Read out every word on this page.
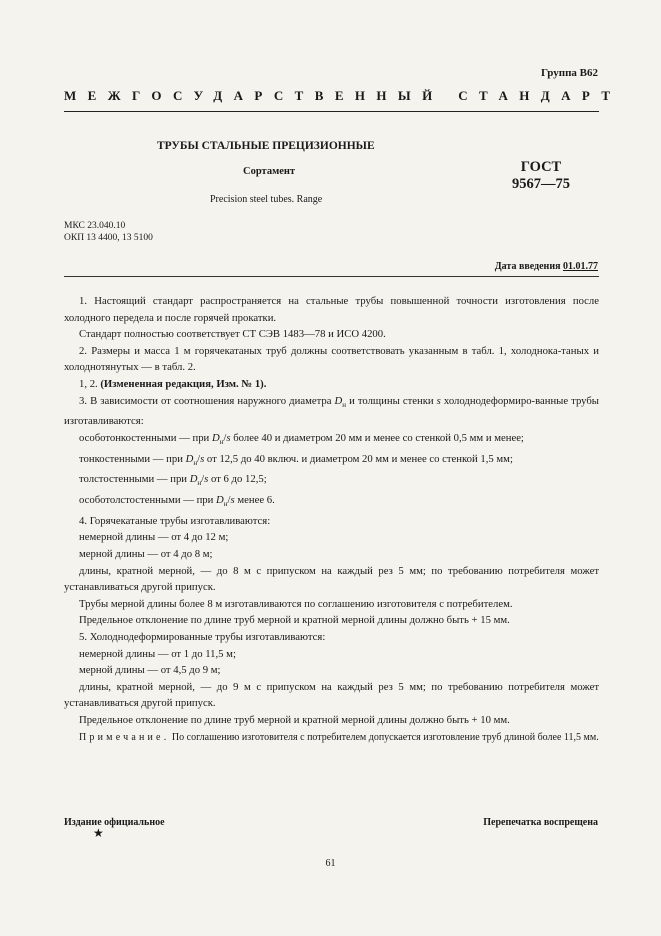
Группа В62
МЕЖГОСУДАРСТВЕННЫЙ СТАНДАРТ
ТРУБЫ СТАЛЬНЫЕ ПРЕЦИЗИОННЫЕ
Сортамент
Precision steel tubes. Range
ГОСТ
9567—75
МКС 23.040.10
ОКП 13 4400, 13 5100
Дата введения 01.01.77

1. Настоящий стандарт распространяется на стальные трубы повышенной точности изготовления после холодного передела и после горячей прокатки.

Стандарт полностью соответствует СТ СЭВ 1483—78 и ИСО 4200.

2. Размеры и масса 1 м горячекатаных труб должны соответствовать указанным в табл. 1, холоднока-таных и холоднотянутых — в табл. 2.

1, 2. (Измененная редакция, Изм. № 1).

3. В зависимости от соотношения наружного диаметра $D_н$ и толщины стенки s холоднодеформиро-ванные трубы изготавливаются:

особотонкостенными — при $D_н/s$ более 40 и диаметром 20 мм и менее со стенкой 0,5 мм и менее;

тонкостенными — при $D_н/s$ от 12,5 до 40 включ. и диаметром 20 мм и менее со стенкой 1,5 мм;

толстостенными — при $D_н/s$ от 6 до 12,5;

особотолстостенными — при $D_н/s$ менее 6.

4. Горячекатаные трубы изготавливаются:

немерной длины — от 4 до 12 м;

мерной длины — от 4 до 8 м;

длины, кратной мерной, — до 8 м с припуском на каждый рез 5 мм; по требованию потребителя может устанавливаться другой припуск.

Трубы мерной длины более 8 м изготавливаются по соглашению изготовителя с потребителем.

Предельное отклонение по длине труб мерной и кратной мерной длины должно быть + 15 мм.

5. Холоднодеформированные трубы изготавливаются:

немерной длины — от 1 до 11,5 м;

мерной длины — от 4,5 до 9 м;

длины, кратной мерной, — до 9 м с припуском на каждый рез 5 мм; по требованию потребителя может устанавливаться другой припуск.

Предельное отклонение по длине труб мерной и кратной мерной длины должно быть + 10 мм.

Примечание. По соглашению изготовителя с потребителем допускается изготовление труб длиной более 11,5 мм.

Издание официальное
★
Перепечатка воспрещена
61
